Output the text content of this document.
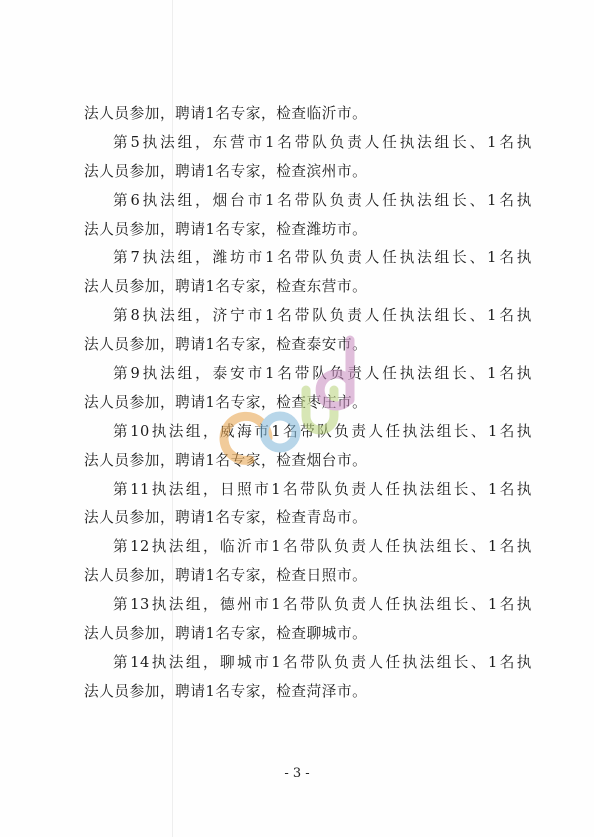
法人员参加，聘请1名专家，检查临沂市。
第5执法组，东营市1名带队负责人任执法组长、1名执
法人员参加，聘请1名专家，检查滨州市。
第6执法组，烟台市1名带队负责人任执法组长、1名执
法人员参加，聘请1名专家，检查潍坊市。
第7执法组，潍坊市1名带队负责人任执法组长、1名执
法人员参加，聘请1名专家，检查东营市。
第8执法组，济宁市1名带队负责人任执法组长、1名执
法人员参加，聘请1名专家，检查泰安市。
第9执法组，泰安市1名带队负责人任执法组长、1名执
法人员参加，聘请1名专家，检查枣庄市。
第10执法组，威海市1名带队负责人任执法组长、1名执
法人员参加，聘请1名专家，检查烟台市。
第11执法组，日照市1名带队负责人任执法组长、1名执
法人员参加，聘请1名专家，检查青岛市。
第12执法组，临沂市1名带队负责人任执法组长、1名执
法人员参加，聘请1名专家，检查日照市。
第13执法组，德州市1名带队负责人任执法组长、1名执
法人员参加，聘请1名专家，检查聊城市。
第14执法组，聊城市1名带队负责人任执法组长、1名执
法人员参加，聘请1名专家，检查菏泽市。
- 3 -
